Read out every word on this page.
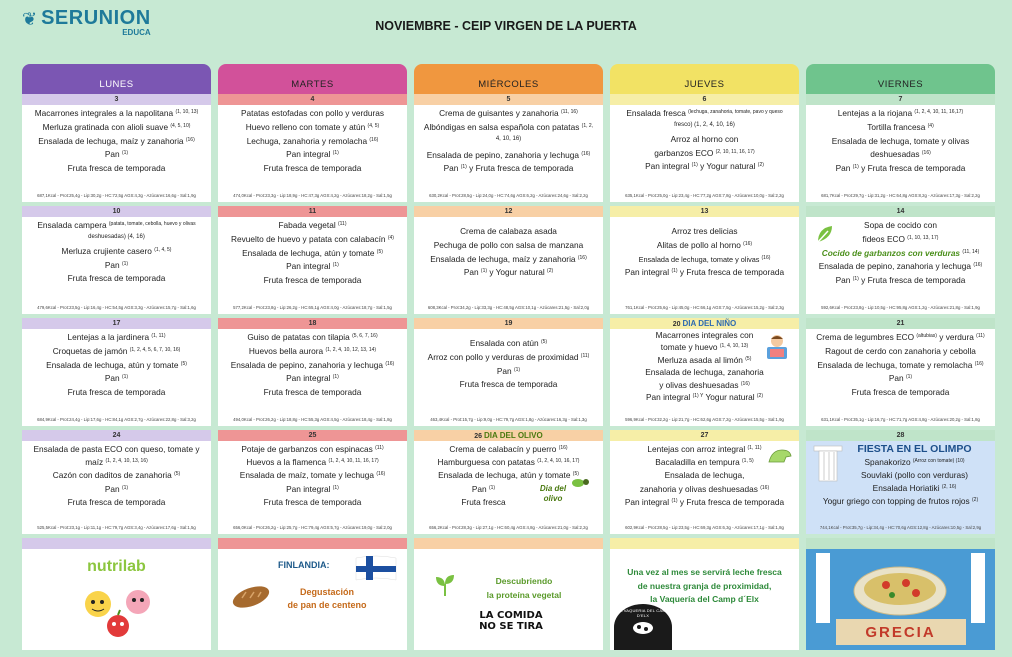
❦ SERUNION
EDUCA	NOVIEMBRE - CEIP VIRGEN DE LA PUERTA
LUNES	MARTES	MIÉRCOLES	JUEVES	VIERNES
3
Macarrones integrales a la napolitana $^{(1, 10, 13)}$
Merluza gratinada con alioli suave $^{(4, 5, 10)}$
Ensalada de lechuga, maíz y zanahoria $^{(16)}$
Pan $^{(1)}$
Fruta fresca de temporada
687,1Kcal - Prot:25,4g - Lip:30,2g - HC:72,5g AGS:4,3g - Azúcares:16,6g - Sal:1,9g
4
Patatas estofadas con pollo y verduras
Huevo relleno con tomate y atún $^{(4, 5)}$
Lechuga, zanahoria y remolacha $^{(16)}$
Pan integral $^{(1)}$
Fruta fresca de temporada
474,0Kcal - Prot:23,3g - Lip:18,9g - HC:47,3g AGS:4,2g - Azúcares:18,2g - Sal:1,5g
5
Crema de guisantes y zanahoria $^{(11, 16)}$
Albóndigas en salsa española con patatas $^{(1, 2,}$
4, 10, 16)
Ensalada de pepino, zanahoria y lechuga $^{(16)}$
Pan $^{(1)}$ y Fruta fresca de temporada
630,2Kcal - Prot:28,5g - Lip:24,0g - HC:74,6g AGS:6,2g - Azúcares:24,6g - Sal:2,2g
6
Ensalada fresca $^{(lechuga, zanahoria, tomate, pavo y queso}$
fresco) (1, 2, 4, 10, 16)
Arroz al horno con
garbanzos ECO $^{(2, 10, 11, 16, 17)}$
Pan integral $^{(1)}$ y Yogur natural $^{(2)}$
635,1Kcal - Prot:25,0g - Lip:23,4g - HC:77,2g AGS:7,8g - Azúcares:10,0g - Sal:2,2g
7
Lentejas a la riojana $^{(1, 2, 4, 10, 11, 16,17)}$
Tortilla francesa $^{(4)}$
Ensalada de lechuga, tomate y olivas
deshuesadas $^{(16)}$
Pan $^{(1)}$ y Fruta fresca de temporada
681,7Kcal - Prot:29,7g - Lip:31,2g - HC:64,8g AGS:8,2g - Azúcares:17,3g - Sal:2,2g
10
Ensalada campera $^{(patata, tomate, cebolla, huevo y olivas}$
deshuesadas) (4, 16)
Merluza crujiente casero $^{(1, 4, 5)}$
Pan $^{(1)}$
Fruta fresca de temporada
479,6Kcal - Prot:23,5g - Lip:16,4g - HC:54,5g AGS:3,3g - Azúcares:15,7g - Sal:1,6g
11
Fabada vegetal $^{(11)}$
Revuelto de huevo y patata con calabacín $^{(4)}$
Ensalada de lechuga, atún y tomate $^{(5)}$
Pan integral $^{(1)}$
Fruta fresca de temporada
577,2Kcal - Prot:23,8g - Lip:26,2g - HC:65,1g AGS:4,0g - Azúcares:18,7g - Sal:1,5g
12
Crema de calabaza asada
Pechuga de pollo con salsa de manzana
Ensalada de lechuga, maíz y zanahoria $^{(16)}$
Pan $^{(1)}$ y Yogur natural $^{(2)}$
608,3Kcal - Prot:34,2g - Lip:33,3g - HC:48,5g AGS:10,1g - Azúcares:21,5g - Sal:2,0g
13
Arroz tres delicias
Alitas de pollo al horno $^{(16)}$
Ensalada de lechuga, tomate y olivas $^{(16)}$
Pan integral $^{(1)}$ y Fruta fresca de temporada
761,1Kcal - Prot:25,6g - Lip:45,0g - HC:66,1g AGS:7,5g - Azúcares:15,2g - Sal:2,3g
14
Sopa de cocido con
fideos ECO $^{(1, 10, 13, 17)}$
Cocido de garbanzos con verduras $^{(11, 14)}$
Ensalada de pepino, zanahoria y lechuga $^{(16)}$
Pan $^{(1)}$ y Fruta fresca de temporada
592,6Kcal - Prot:23,8g - Lip:10,5g - HC:95,8g AGS:1,2g - Azúcares:21,8g - Sal:1,9g
17
Lentejas a la jardinera $^{(1, 11)}$
Croquetas de jamón $^{(1, 2, 4, 5, 6, 7, 10, 16)}$
Ensalada de lechuga, atún y tomate $^{(5)}$
Pan $^{(1)}$
Fruta fresca de temporada
684,9Kcal - Prot:24,4g - Lip:17,6g - HC:84,1g AGS:2,7g - Azúcares:22,8g - Sal:3,2g
18
Guiso de patatas con tilapia $^{(5, 6, 7, 16)}$
Huevos bella aurora $^{(1, 2, 4, 10, 12, 13, 14)}$
Ensalada de pepino, zanahoria y lechuga $^{(16)}$
Pan integral $^{(1)}$
Fruta fresca de temporada
494,0Kcal - Prot:26,2g - Lip:18,8g - HC:55,3g AGS:4,5g - Azúcares:18,4g - Sal:1,8g
19
Ensalada con atún $^{(5)}$
Arroz con pollo y verduras de proximidad $^{(11)}$
Pan $^{(1)}$
Fruta fresca de temporada
463,4Kcal - Prot:15,7g - Lip:9,0g - HC:79,7g AGS:1,8g - Azúcares:16,3g - Sal:1,3g
20 DIA DEL NIÑO
Macarrones integrales con
tomate y huevo $^{(1, 4, 10, 13)}$
Merluza asada al limón $^{(5)}$
Ensalada de lechuga, zanahoria
y olivas deshuesadas $^{(16)}$
Pan integral $^{(1) Y}$ Yogur natural $^{(2)}$
596,9Kcal - Prot:32,2g - Lip:21,7g - HC:62,6g AGS:7,2g - Azúcares:15,5g - Sal:1,9g
21
Crema de legumbres ECO $^{(altubias)}$ y verdura $^{(11)}$
Ragout de cerdo con zanahoria y cebolla
Ensalada de lechuga, tomate y remolacha $^{(16)}$
Pan $^{(1)}$
Fruta fresca de temporada
631,1Kcal - Prot:35,1g - Lip:16,7g - HC:71,7g AGS:4,8g - Azúcares:20,2g - Sal:1,8g
24
Ensalada de pasta ECO con queso, tomate y
maíz $^{(1, 2, 4, 10, 13, 16)}$
Cazón con daditos de zanahoria $^{(5)}$
Pan $^{(1)}$
Fruta fresca de temporada
525,5Kcal - Prot:23,1g - Lip:11,1g - HC:79,7g AGS:3,4g - Azúcares:17,6g - Sal:1,5g
25
Potaje de garbanzos con espinacas $^{(11)}$
Huevos a la flamenca $^{(1, 2, 4, 10, 11, 16, 17)}$
Ensalada de maíz, tomate y lechuga $^{(16)}$
Pan integral $^{(1)}$
Fruta fresca de temporada
656,0Kcal - Prot:26,2g - Lip:25,7g - HC:79,4g AGS:5,7g - Azúcares:19,0g - Sal:2,0g
26 DIA DEL OLIVO
Dia del olivo
Crema de calabacín y puerro $^{(16)}$
Hamburguesa con patatas $^{(1, 2, 4, 10, 16, 17)}$
Ensalada de lechuga, atún y tomate $^{(5)}$
Pan $^{(1)}$
Fruta fresca
656,2Kcal - Prot:28,3g - Lip:27,1g - HC:60,4g AGS:4,8g - Azúcares:21,0g - Sal:2,2g
27
Lentejas con arroz integral $^{(1, 11)}$
Bacaladilla en tempura $^{(1, 5)}$
Ensalada de lechuga,
zanahoria y olivas deshuesadas $^{(16)}$
Pan integral $^{(1)}$ y Fruta fresca de temporada
602,9Kcal - Prot:28,5g - Lip:23,5g - HC:69,3g AGS:6,3g - Azúcares:17,1g - Sal:1,8g
28
FIESTA EN EL OLIMPO
Spanakorizo $^{(Arroz con tomate) (10)}$
Souvlaki (pollo con verduras)
Ensalada Horiatiki $^{(2, 16)}$
Yogur griego con topping de frutos rojos $^{(2)}$
744,1Kcal - Prot:35,7g - Lip:34,4g - HC:70,6g AGS:12,8g - Azúcares:10,5g - Sal:2,9g
nutrilab	FINLANDIA:
Degustación
de pan de centeno
Descubriendo
la proteína vegetal
LA COMIDA
NO SE TIRA
Una vez al mes se servirá leche fresca
de nuestra granja de proximidad,
la Vaquería del Camp d´Elx
LA VAQUERIA DEL CAMP D'ELX
GRECIA
